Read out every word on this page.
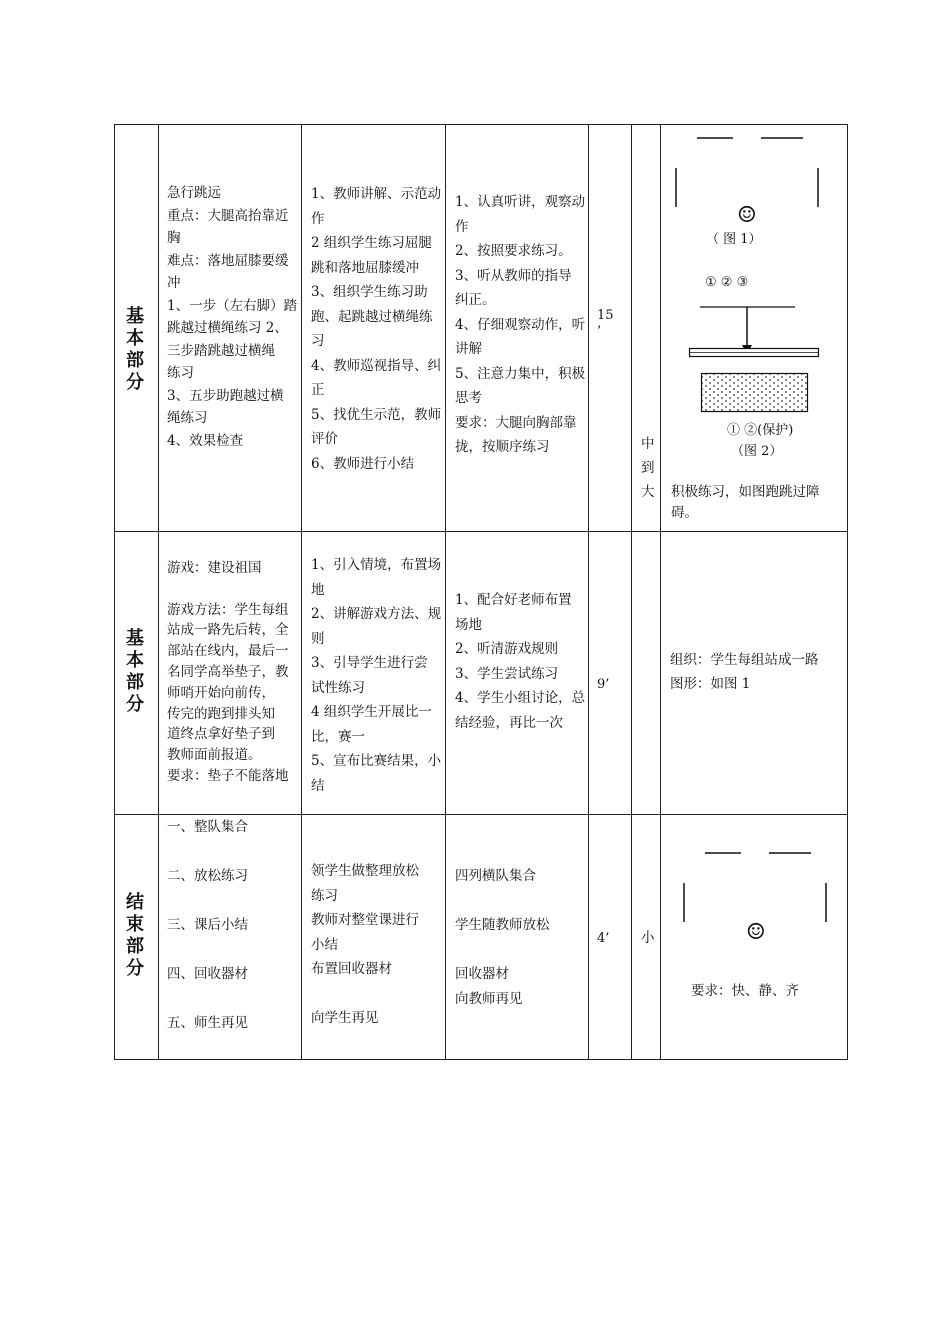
基
本
部
分
急行跳远
重点：大腿高抬靠近
胸
难点：落地屈膝要缓
冲
1、一步（左右脚）踏
跳越过横绳练习 2、
三步踏跳越过横绳
练习
3、五步助跑越过横
绳练习
4、效果检查
1、教师讲解、示范动
作
2 组织学生练习屈腿
跳和落地屈膝缓冲
3、组织学生练习助
跑、起跳越过横绳练
习
4、教师巡视指导、纠
正
5、找优生示范，教师
评价
6、教师进行小结
1、认真听讲，观察动
作
2、按照要求练习。
3、听从教师的指导
纠正。
4、仔细观察动作，听
讲解
5、注意力集中，积极
思考
要求：大腿向胸部靠
拢，按顺序练习
15
’
中
到
大
☺
（ 图 1）
① ② ③
① ②(保护)
（图 2）
积极练习，如图跑跳过障
碍。
基
本
部
分
游戏：建设祖国

游戏方法：学生每组
站成一路先后转，全
部站在线内，最后一
名同学高举垫子，教
师哨开始向前传，
传完的跑到排头知
道终点拿好垫子到
教师面前报道。
要求：垫子不能落地
1、引入情境，布置场
地
2、讲解游戏方法、规
则
3、引导学生进行尝
试性练习
4 组织学生开展比一
比，赛一
5、宣布比赛结果，小
结
1、配合好老师布置
场地
2、听清游戏规则
3、学生尝试练习
4、学生小组讨论，总
结经验，再比一次
9’
组织：学生每组站成一路
图形：如图 1
结
束
部
分
一、整队集合

二、放松练习

三、课后小结

四、回收器材

五、师生再见
领学生做整理放松
练习
教师对整堂课进行
小结
布置回收器材

向学生再见
四列横队集合

学生随教师放松

回收器材
向教师再见
4’ 小	☺
要求：快、静、齐
